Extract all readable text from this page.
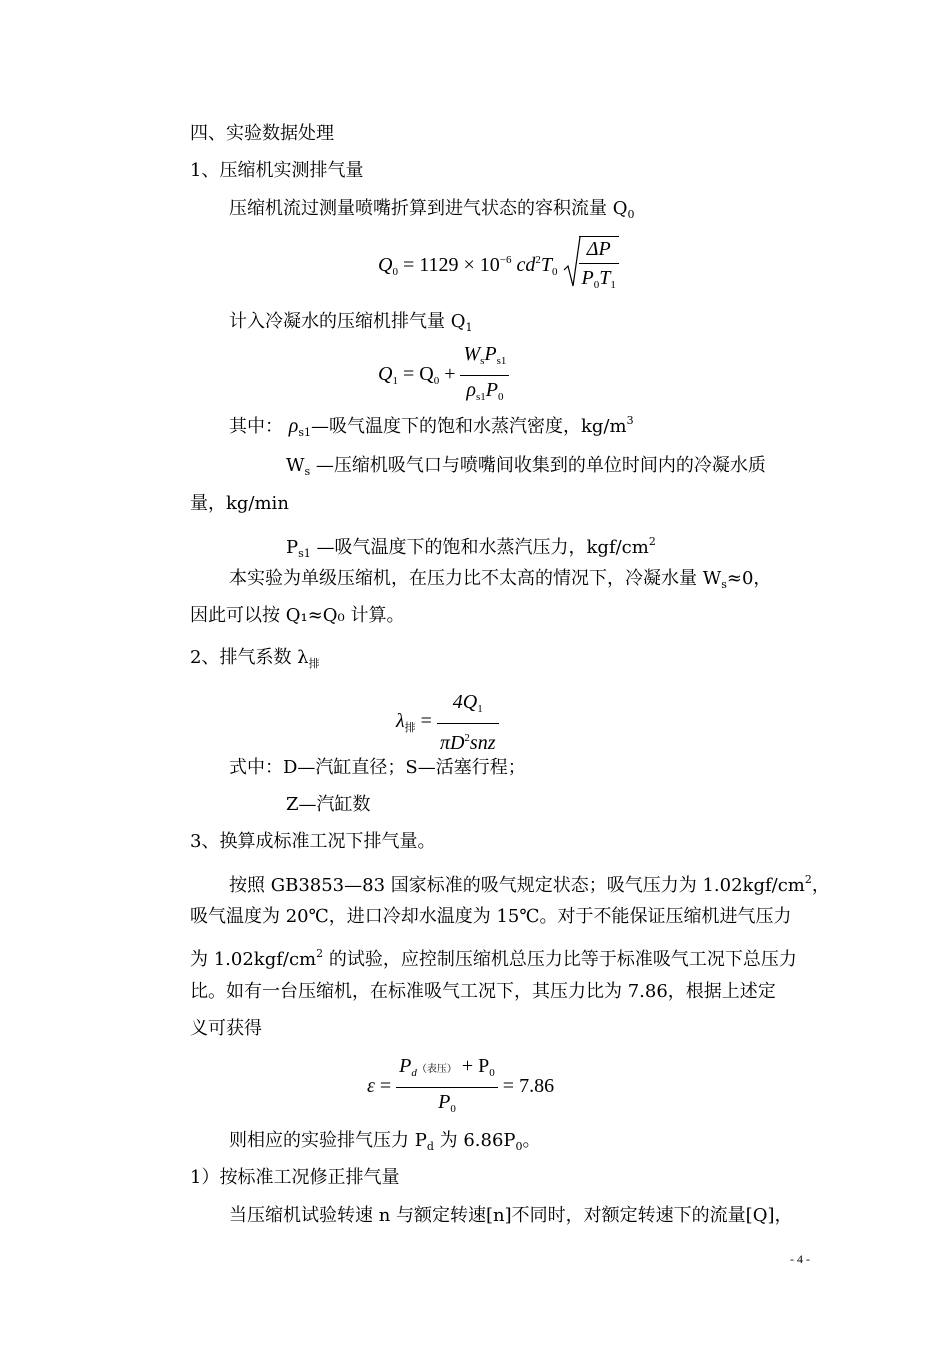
四、实验数据处理
1、压缩机实测排气量
压缩机流过测量喷嘴折算到进气状态的容积流量 $Q_0$
$Q_0 = 1129 \times 10^{-6}$ $cd^2T_0 \frac{\Delta P}{P_0T_1}$
计入冷凝水的压缩机排气量 $Q_1$
$Q_1 = Q_0 + \frac{W_sP_{s1}}{\rho_{s1}P_0}$
其中： $\rho_{s1}—$吸气温度下的饱和水蒸汽密度，$kg/m^3$
$W_s$ —压缩机吸气口与喷嘴间收集到的单位时间内的冷凝水质
量，kg/min
$P_{s1}$ —吸气温度下的饱和水蒸汽压力，kgf/$cm^2$
本实验为单级压缩机，在压力比不太高的情况下，冷凝水量 $W_s\approx 0$，
因此可以按 Q₁≈Q₀ 计算。
2、排气系数 $\lambda_排$
$\lambda_排 = \frac{4Q_1}{\pi D^2snz}$
式中：D—汽缸直径；S—活塞行程；
Z—汽缸数
3、换算成标准工况下排气量。
按照 GB3853—83 国家标准的吸气规定状态；吸气压力为 $1.02kgf/cm^2$，
吸气温度为 20℃，进口冷却水温度为 15℃。对于不能保证压缩机进气压力
为 $1.02kgf/cm^2$ 的试验，应控制压缩机总压力比等于标准吸气工况下总压力
比。如有一台压缩机，在标准吸气工况下，其压力比为 7.86，根据上述定
义可获得
$\varepsilon = \frac{P_d(表压) + P_0}{P_0} = 7.86$
则相应的实验排气压力 $P_d$ 为 $6.86P_0$。
1）按标准工况修正排气量
当压缩机试验转速 n 与额定转速[n]不同时，对额定转速下的流量[Q]，
- 4 -
